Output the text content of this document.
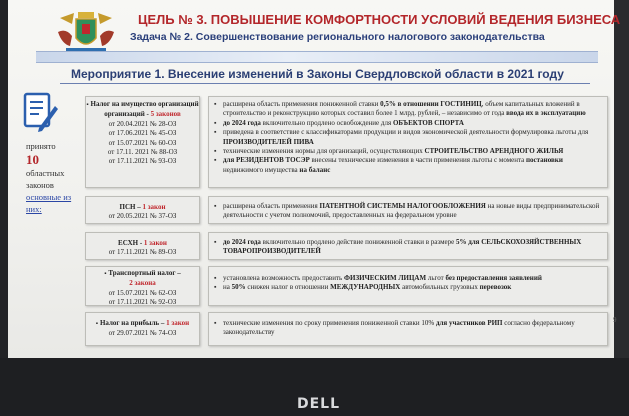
DELL
ЦЕЛЬ № 3. ПОВЫШЕНИЕ КОМФОРТНОСТИ УСЛОВИЙ ВЕДЕНИЯ БИЗНЕСА
Задача № 2. Совершенствование регионального налогового законодательства
Мероприятие 1. Внесение изменений в Законы Свердловской области в 2021 году
принято
10
областных законов
основные из них:
▪ Налог на имущество организаций
организаций - 5 законов
от 20.04.2021 № 28-ОЗ
от 17.06.2021 № 45-ОЗ
от 15.07.2021 № 60-ОЗ
от 17.11. 2021 № 88-ОЗ
от 17.11.2021 № 93-ОЗ
▪ расширена область применения пониженной ставки 0,5% в отношении ГОСТИНИЦ, объем капитальных вложений в строительство и реконструкцию которых составил более 1 млрд. рублей, – независимо от года ввода их в эксплуатацию
▪ до 2024 года включительно продлено освобождение для ОБЪЕКТОВ СПОРТА
▪ приведена в соответствие с классификаторами продукции и видов экономической деятельности формулировка льготы для ПРОИЗВОДИТЕЛЕЙ ПИВА
▪ технические изменения нормы для организаций, осуществляющих СТРОИТЕЛЬСТВО АРЕНДНОГО ЖИЛЬЯ
▪ для РЕЗИДЕНТОВ ТОСЭР внесены технические изменения в части применения льготы с момента постановки недвижимого имущества на баланс
ПСН – 1 закон
от 20.05.2021 № 37-ОЗ
▪ расширена область применения ПАТЕНТНОЙ СИСТЕМЫ НАЛОГООБЛОЖЕНИЯ на новые виды предпринимательской деятельности с учетом полномочий, предоставленных на федеральном уровне
ЕСХН - 1 закон
от 17.11.2021 № 89-ОЗ
▪ до 2024 года включительно продлено действие пониженной ставки в размере 5% для СЕЛЬСКОХОЗЯЙСТВЕННЫХ ТОВАРОПРОИЗВОДИТЕЛЕЙ
▪ Транспортный налог –
2 закона
от 15.07.2021 № 62-ОЗ
от 17.11.2021 № 92-ОЗ
▪ установлена возможность предоставить ФИЗИЧЕСКИМ ЛИЦАМ льгот без предоставления заявлений
▪ на 50% снижен налог в отношении МЕЖДУНАРОДНЫХ автомобильных грузовых перевозок
▪ Налог на прибыль – 1 закон
от 29.07.2021 № 74-ОЗ
▪ технические изменения по сроку применения пониженной ставки 10% для участников РИП согласно федеральному законодательству
9
